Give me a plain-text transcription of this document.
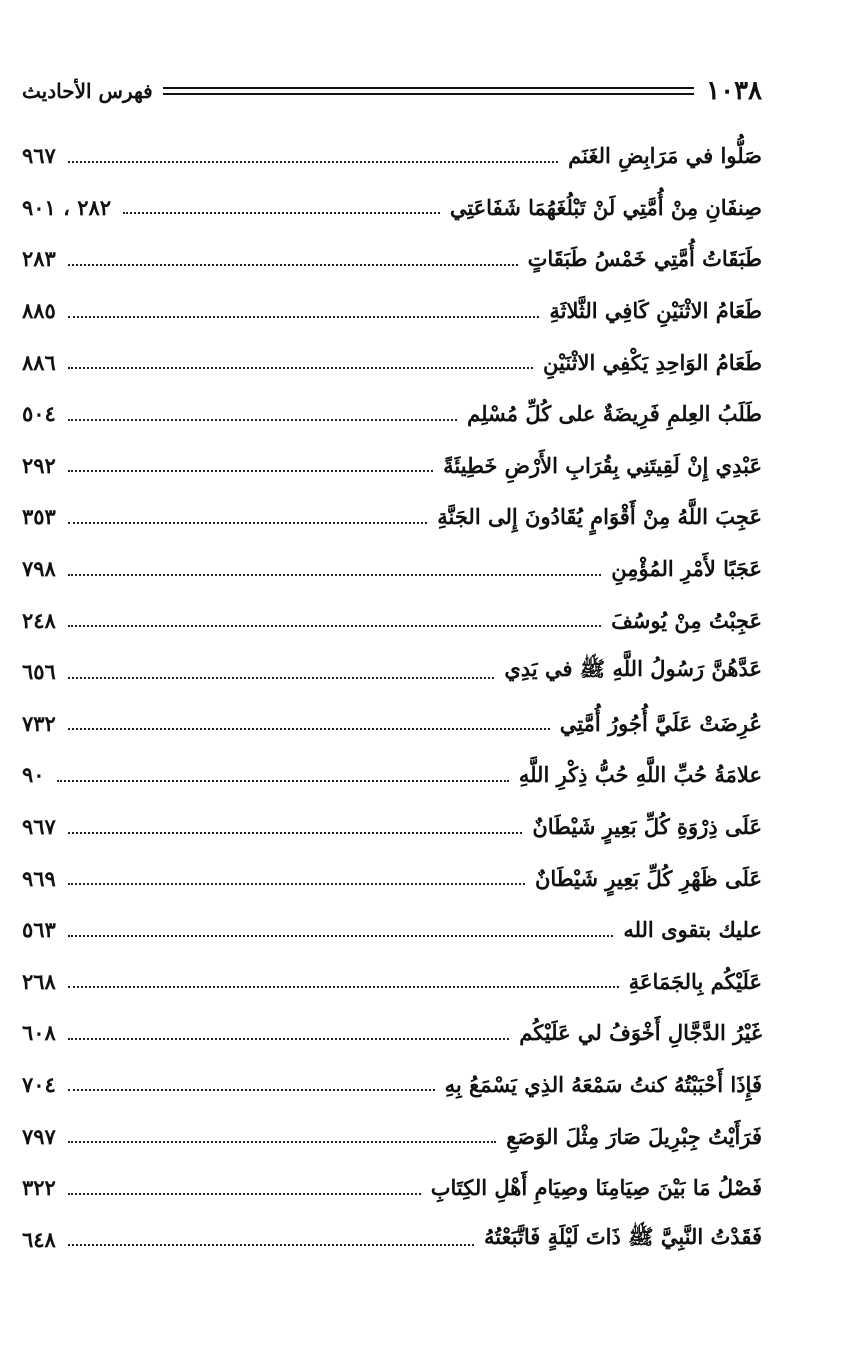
١٠٣٨
فهرس الأحاديث
صَلُّوا في مَرَابِضِ الغَنَم
٩٦٧
صِنفَانِ مِنْ أُمَّتِي لَنْ تَبْلُغَهُمَا شَفَاعَتِي
٢٨٢ ، ٩٠١
طَبَقَاتُ أُمَّتِي خَمْسُ طَبَقَاتٍ
٢٨٣
طَعَامُ الاثْنَيْنِ كَافِي الثَّلاثَةِ
٨٨٥
طَعَامُ الوَاحِدِ يَكْفِي الاثْنَيْنِ
٨٨٦
طَلَبُ العِلمِ فَرِيضَةٌ على كُلِّ مُسْلِم
٥٠٤
عَبْدِي إِنْ لَقِيتَنِي بِقُرَابِ الأَرْضِ خَطِيئَةً
٢٩٢
عَجِبَ اللَّهُ مِنْ أَقْوَامٍ يُقَادُونَ إِلى الجَنَّةِ
٣٥٣
عَجَبًا لأَمْرِ المُؤْمِنِ
٧٩٨
عَجِبْتُ مِنْ يُوسُفَ
٢٤٨
عَدَّهُنَّ رَسُولُ اللَّهِ ﷺ في يَدِي
٦٥٦
عُرِضَتْ عَلَيَّ أُجُورُ أُمَّتِي
٧٣٢
علامَةُ حُبِّ اللَّهِ حُبُّ ذِكْرِ اللَّهِ
٩٠
عَلَى ذِرْوَةِ كُلِّ بَعِيرٍ شَيْطَانٌ
٩٦٧
عَلَى ظَهْرِ كُلِّ بَعِيرٍ شَيْطَانٌ
٩٦٩
عليك بتقوى الله
٥٦٣
عَلَيْكُم بِالجَمَاعَةِ
٢٦٨
غَيْرُ الدَّجَّالِ أَخْوَفُ لي عَلَيْكُم
٦٠٨
فَإِذَا أَحْبَبْتُهُ كنتُ سَمْعَهُ الذِي يَسْمَعُ بِهِ
٧٠٤
فَرَأَيْتُ جِبْرِيلَ صَارَ مِثْلَ الوَصَعِ
٧٩٧
فَصْلُ مَا بَيْنَ صِيَامِنَا وصِيَامِ أَهْلِ الكِتَابِ
٣٢٢
فَقَدْتُ النَّبِيَّ ﷺ ذَاتَ لَيْلَةٍ فَاتَّبَعْتُهُ
٦٤٨
